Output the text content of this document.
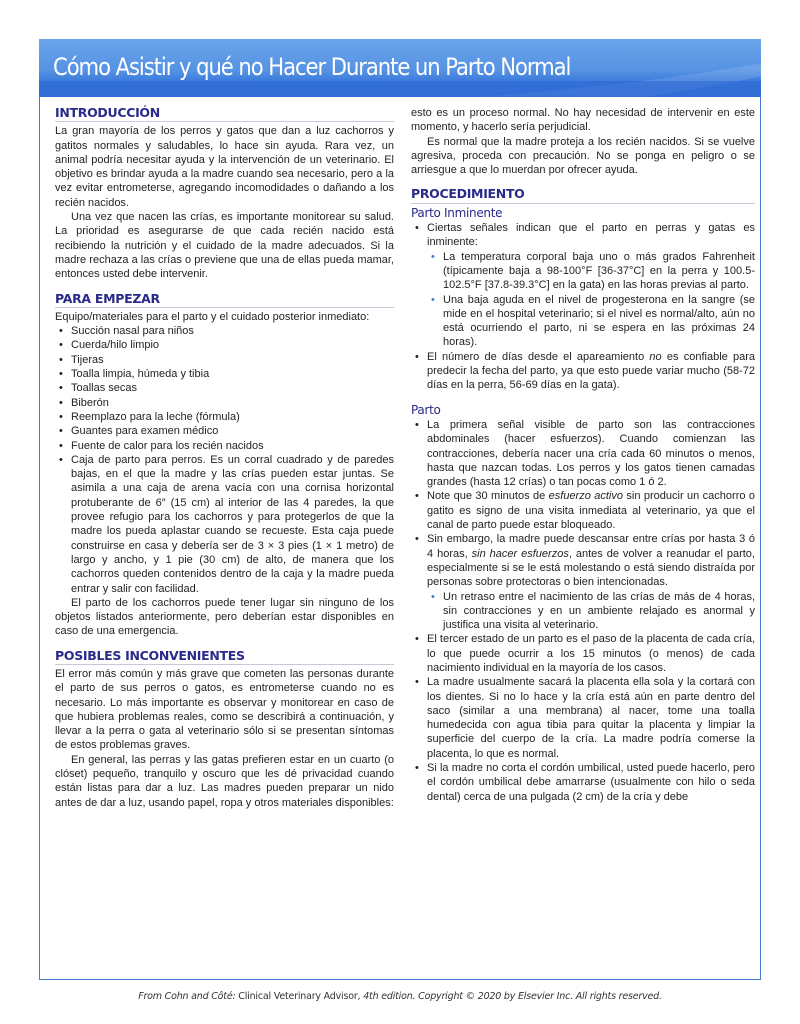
Cómo Asistir y qué no Hacer Durante un Parto Normal
INTRODUCCIÓN

La gran mayoría de los perros y gatos que dan a luz cachorros y gatitos normales y saludables, lo hace sin ayuda. Rara vez, un animal podría necesitar ayuda y la intervención de un veterinario. El objetivo es brindar ayuda a la madre cuando sea necesario, pero a la vez evitar entrometerse, agregando incomodidades o dañando a los recién nacidos.

Una vez que nacen las crías, es importante monitorear su salud. La prioridad es asegurarse de que cada recién nacido está recibiendo la nutrición y el cuidado de la madre adecuados. Si la madre rechaza a las crías o previene que una de ellas pueda mamar, entonces usted debe intervenir.

PARA EMPEZAR

Equipo/materiales para el parto y el cuidado posterior inmediato:

• Succión nasal para niños
• Cuerda/hilo limpio
• Tijeras
• Toalla limpia, húmeda y tibia
• Toallas secas
• Biberón
• Reemplazo para la leche (fórmula)
• Guantes para examen médico
• Fuente de calor para los recién nacidos
• Caja de parto para perros. Es un corral cuadrado y de paredes bajas, en el que la madre y las crías pueden estar juntas. Se asimila a una caja de arena vacía con una cornisa horizontal protuberante de 6″ (15 cm) al interior de las 4 paredes, la que provee refugio para los cachorros y para protegerlos de que la madre los pueda aplastar cuando se recueste. Esta caja puede construirse en casa y debería ser de 3 × 3 pies (1 × 1 metro) de largo y ancho, y 1 pie (30 cm) de alto, de manera que los cachorros queden contenidos dentro de la caja y la madre pueda entrar y salir con facilidad.

El parto de los cachorros puede tener lugar sin ninguno de los objetos listados anteriormente, pero deberían estar disponibles en caso de una emergencia.

POSIBLES INCONVENIENTES

El error más común y más grave que cometen las personas durante el parto de sus perros o gatos, es entrometerse cuando no es necesario. Lo más importante es observar y monitorear en caso de que hubiera problemas reales, como se describirá a continuación, y llevar a la perra o gata al veterinario sólo si se presentan síntomas de estos problemas graves.

En general, las perras y las gatas prefieren estar en un cuarto (o clóset) pequeño, tranquilo y oscuro que les dé privacidad cuando están listas para dar a luz. Las madres pueden preparar un nido antes de dar a luz, usando papel, ropa y otros materiales disponibles:

esto es un proceso normal. No hay necesidad de intervenir en este momento, y hacerlo sería perjudicial.

Es normal que la madre proteja a los recién nacidos. Si se vuelve agresiva, proceda con precaución. No se ponga en peligro o se arriesgue a que lo muerdan por ofrecer ayuda.

PROCEDIMIENTO
Parto Inminente
• Ciertas señales indican que el parto en perras y gatas es inminente:
• La temperatura corporal baja uno o más grados Fahrenheit (típicamente baja a 98-100°F [36-37°C] en la perra y 100.5-102.5°F [37.8-39.3°C] en la gata) en las horas previas al parto.
• Una baja aguda en el nivel de progesterona en la sangre (se mide en el hospital veterinario; si el nivel es normal/alto, aún no está ocurriendo el parto, ni se espera en las próximas 24 horas).
• El número de días desde el apareamiento no es confiable para predecir la fecha del parto, ya que esto puede variar mucho (58-72 días en la perra, 56-69 días en la gata).
Parto
• La primera señal visible de parto son las contracciones abdominales (hacer esfuerzos). Cuando comienzan las contracciones, debería nacer una cría cada 60 minutos o menos, hasta que nazcan todas. Los perros y los gatos tienen camadas grandes (hasta 12 crías) o tan pocas como 1 ó 2.
• Note que 30 minutos de esfuerzo activo sin producir un cachorro o gatito es signo de una visita inmediata al veterinario, ya que el canal de parto puede estar bloqueado.
• Sin embargo, la madre puede descansar entre crías por hasta 3 ó 4 horas, sin hacer esfuerzos, antes de volver a reanudar el parto, especialmente si se le está molestando o está siendo distraída por personas sobre protectoras o bien intencionadas.
• Un retraso entre el nacimiento de las crías de más de 4 horas, sin contracciones y en un ambiente relajado es anormal y justifica una visita al veterinario.
• El tercer estado de un parto es el paso de la placenta de cada cría, lo que puede ocurrir a los 15 minutos (o menos) de cada nacimiento individual en la mayoría de los casos.
• La madre usualmente sacará la placenta ella sola y la cortará con los dientes. Si no lo hace y la cría está aún en parte dentro del saco (similar a una membrana) al nacer, tome una toalla humedecida con agua tibia para quitar la placenta y limpiar la superficie del cuerpo de la cría. La madre podría comerse la placenta, lo que es normal.
• Si la madre no corta el cordón umbilical, usted puede hacerlo, pero el cordón umbilical debe amarrarse (usualmente con hilo o seda dental) cerca de una pulgada (2 cm) de la cría y debe
From Cohn and Côté: Clinical Veterinary Advisor, 4th edition. Copyright © 2020 by Elsevier Inc. All rights reserved.
